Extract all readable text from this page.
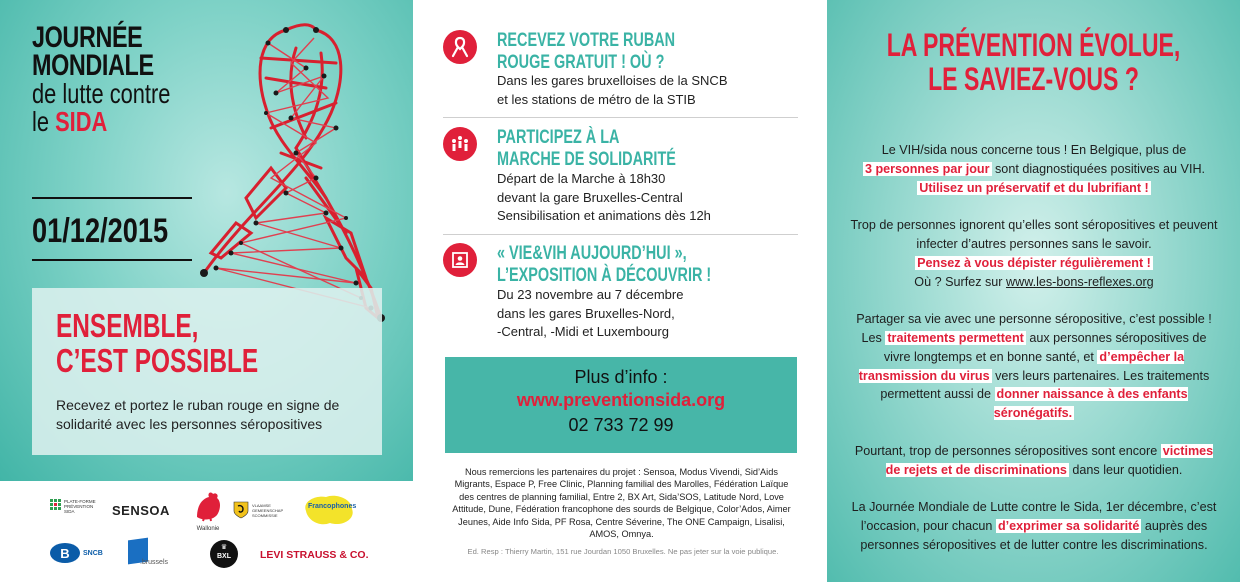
JOURNÉE
MONDIALE
de lutte contre
le SIDA
01/12/2015
ENSEMBLE,
C’EST POSSIBLE
Recevez et portez le ruban rouge en signe de solidarité avec les personnes séropositives
PLATE-FORME
PRÉVENTION
SIDA	SENSOA
Wallonie
VLAAMSE
GEMEENSCHAPSCOMMISSIE
Francophones
B	SNCB
.brussels
♛
BXL	LEVI STRAUSS & CO.
RECEVEZ VOTRE RUBAN
ROUGE GRATUIT ! OÙ ?
Dans les gares bruxelloises de la SNCB
et les stations de métro de la STIB
PARTICIPEZ À LA
MARCHE DE SOLIDARITÉ
Départ de la Marche à 18h30
devant la gare Bruxelles-Central
Sensibilisation et animations dès 12h
« VIE&VIH AUJOURD’HUI »,
L’EXPOSITION À DÉCOUVRIR !
Du 23 novembre au 7 décembre
dans les gares Bruxelles-Nord,
-Central, -Midi et Luxembourg
Plus d’info :
www.preventionsida.org
02 733 72 99
Nous remercions les partenaires du projet : Sensoa, Modus Vivendi, Sid’Aids Migrants, Espace P, Free Clinic, Planning familial des Marolles, Fédération Laïque des centres de planning familial, Entre 2, BX Art, Sida’SOS, Latitude Nord, Love Attitude, Dune, Fédération francophone des sourds de Belgique, Color’Ados, Aimer Jeunes, Aide Info Sida, PF Rosa, Centre Séverine, The ONE Campaign, Lisalisi, AMOS, Omnya.
Ed. Resp : Thierry Martin, 151 rue Jourdan 1050 Bruxelles. Ne pas jeter sur la voie publique.
LA PRÉVENTION ÉVOLUE,
LE SAVIEZ-VOUS ?

Le VIH/sida nous concerne tous ! En Belgique, plus de
3 personnes par jour sont diagnostiquées positives au VIH. Utilisez un préservatif et du lubrifiant !

Trop de personnes ignorent qu’elles sont séropositives et peuvent infecter d’autres personnes sans le savoir.
Pensez à vous dépister régulièrement !
Où ? Surfez sur www.les-bons-reflexes.org

Partager sa vie avec une personne séropositive, c’est possible ! Les traitements permettent aux personnes séropositives de vivre longtemps et en bonne santé, et d’empêcher la transmission du virus vers leurs partenaires. Les traitements permettent aussi de donner naissance à des enfants séronégatifs.

Pourtant, trop de personnes séropositives sont encore victimes de rejets et de discriminations dans leur quotidien.

La Journée Mondiale de Lutte contre le Sida, 1er décembre, c’est l’occasion, pour chacun d’exprimer sa solidarité auprès des personnes séropositives et de lutter contre les discriminations.
